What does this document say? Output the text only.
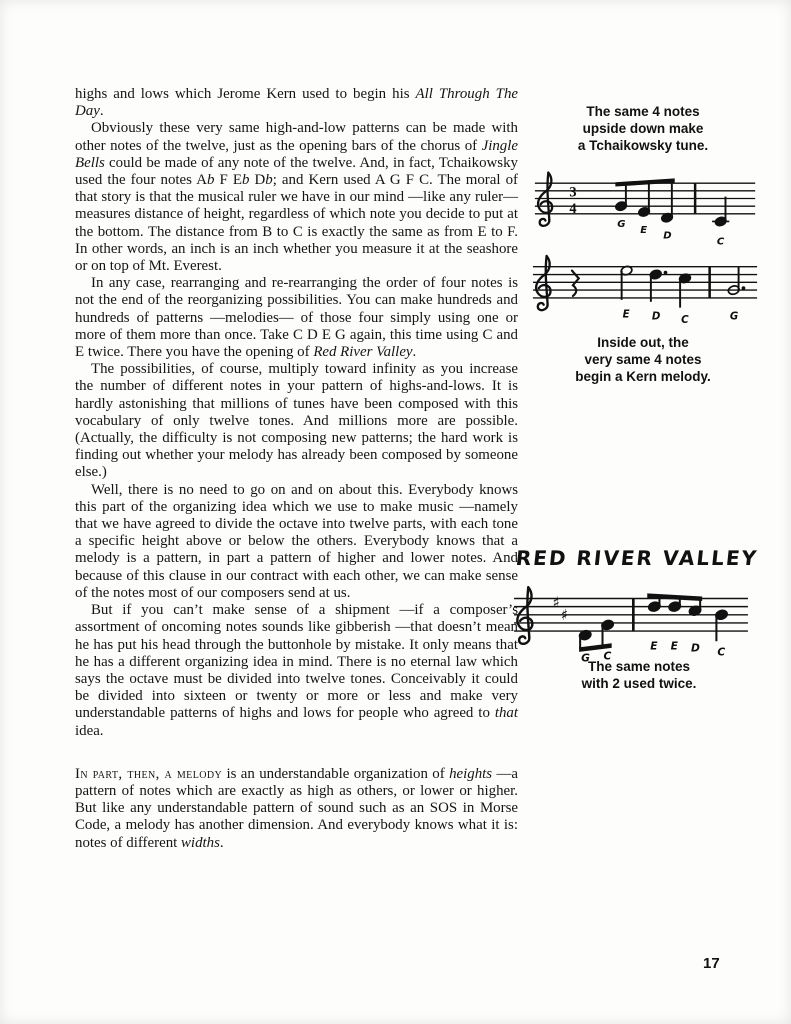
highs and lows which Jerome Kern used to begin his All Through The Day.

Obviously these very same high-and-low patterns can be made with other notes of the twelve, just as the opening bars of the chorus of Jingle Bells could be made of any note of the twelve. And, in fact, Tchaikowsky used the four notes Ab F Eb Db; and Kern used A G F C. The moral of that story is that the musical ruler we have in our mind —like any ruler— measures distance of height, regardless of which note you decide to put at the bottom. The distance from B to C is exactly the same as from E to F. In other words, an inch is an inch whether you measure it at the seashore or on top of Mt. Everest.

In any case, rearranging and re-rearranging the order of four notes is not the end of the reorganizing possibilities. You can make hundreds and hundreds of patterns —melodies— of those four simply using one or more of them more than once. Take C D E G again, this time using C and E twice. There you have the opening of Red River Valley.

The possibilities, of course, multiply toward infinity as you increase the number of different notes in your pattern of highs-and-lows. It is hardly astonishing that millions of tunes have been composed with this vocabulary of only twelve tones. And millions more are possible. (Actually, the difficulty is not composing new patterns; the hard work is finding out whether your melody has already been composed by someone else.)

Well, there is no need to go on and on about this. Everybody knows this part of the organizing idea which we use to make music —namely that we have agreed to divide the octave into twelve parts, with each tone a specific height above or below the others. Everybody knows that a melody is a pattern, in part a pattern of higher and lower notes. And because of this clause in our contract with each other, we can make sense of the notes most of our composers send at us.

But if you can’t make sense of a shipment —if a composer’s assortment of oncoming notes sounds like gibberish —that doesn’t mean he has put his head through the buttonhole by mistake. It only means that he has a different organizing idea in mind. There is no eternal law which says the octave must be divided into twelve tones. Conceivably it could be divided into sixteen or twenty or more or less and make very understandable patterns of highs and lows for people who agreed to that idea.

In part, then, a melody is an understandable organization of heights —a pattern of notes which are exactly as high as others, or lower or higher. But like any understandable pattern of sound such as an SOS in Morse Code, a melody has another dimension. And everybody knows what it is: notes of different widths.

The same 4 notes
upside down make
a Tchaikowsky tune.
3
4
G
E
D
C
E D C	G
Inside out, the
very same 4 notes
begin a Kern melody.
RED RIVER VALLEY
♯
♯
G C
E E D C
The same notes
with 2 used twice.
17
